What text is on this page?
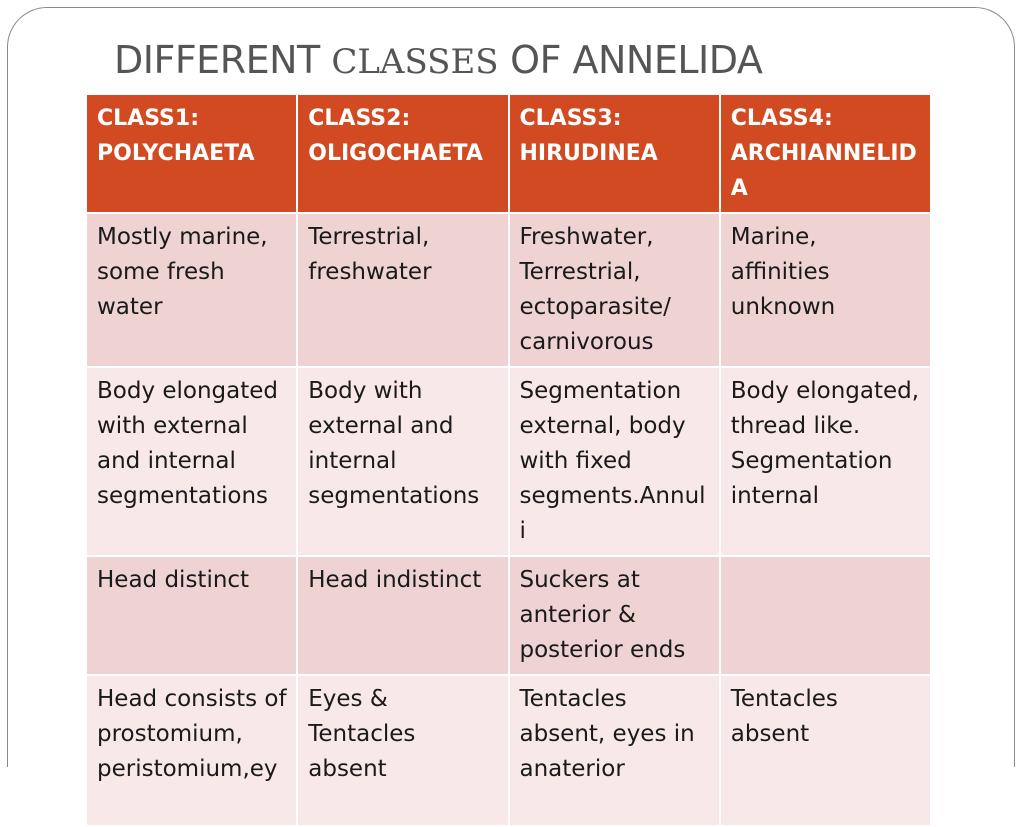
DIFFERENT CLASSES OF ANNELIDA
CLASS1: POLYCHAETA	CLASS2: OLIGOCHAETA	CLASS3: HIRUDINEA	CLASS4: ARCHIANNELIDA
Mostly marine, some fresh water	Terrestrial, freshwater	Freshwater, Terrestrial, ectoparasite/ carnivorous	Marine, affinities unknown
Body elongated with external and internal segmentations	Body with external and internal segmentations	Segmentation external, body with fixed segments.Annuli	Body elongated, thread like. Segmentation internal
Head distinct	Head indistinct	Suckers at anterior & posterior ends	
Head consists of prostomium, peristomium,ey	Eyes & Tentacles absent	Tentacles absent, eyes in anaterior	Tentacles absent
